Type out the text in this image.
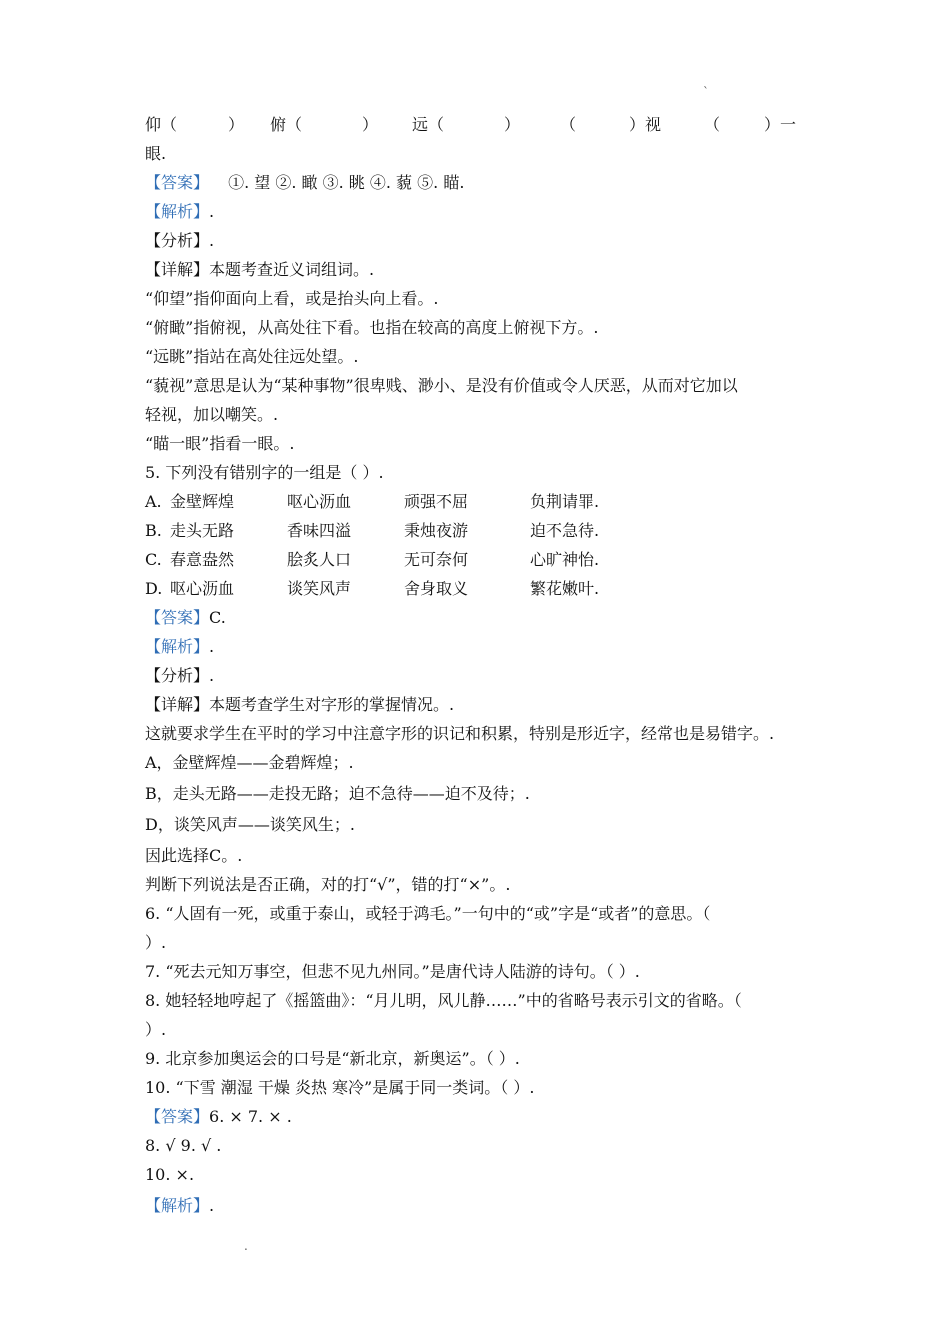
`
仰（	） 俯（	） 远（	） （	）视	（	）一
眼.
【答案】 ①. 望 ②. 瞰 ③. 眺 ④. 藐 ⑤. 瞄.
【解析】.
【分析】.
【详解】本题考查近义词组词。.
“仰望”指仰面向上看，或是抬头向上看。.
“俯瞰”指俯视，从高处往下看。也指在较高的高度上俯视下方。.
“远眺”指站在高处往远处望。.
“藐视”意思是认为“某种事物”很卑贱、渺小、是没有价值或令人厌恶，从而对它加以
轻视，加以嘲笑。.
“瞄一眼”指看一眼。.
5. 下列没有错别字的一组是（ ）.
A. 金壁辉煌	呕心沥血	顽强不屈	负荆请罪.
B. 走头无路	香味四溢	秉烛夜游	迫不急待.
C. 春意盎然	脍炙人口	无可奈何	心旷神怡.
D. 呕心沥血	谈笑风声	舍身取义	繁花嫩叶.
【答案】C.
【解析】.
【分析】.
【详解】本题考查学生对字形的掌握情况。.
这就要求学生在平时的学习中注意字形的识记和积累，特别是形近字，经常也是易错字。.
A，金壁辉煌——金碧辉煌；.
B，走头无路——走投无路；迫不急待——迫不及待；.
D，谈笑风声——谈笑风生；.
因此选择C。.
判断下列说法是否正确，对的打“√”，错的打“×”。.
6. “人固有一死，或重于泰山，或轻于鸿毛。”一句中的“或”字是“或者”的意思。（
）.
7. “死去元知万事空，但悲不见九州同。”是唐代诗人陆游的诗句。（ ）.
8. 她轻轻地哼起了《摇篮曲》：“月儿明，风儿静……”中的省略号表示引文的省略。（
）.
9. 北京参加奥运会的口号是“新北京，新奥运”。（ ）.
10. “下雪 潮湿 干燥 炎热 寒冷”是属于同一类词。（ ）.
【答案】6. × 7. × .
8. √ 9. √ .
10. ×.
【解析】.
.
